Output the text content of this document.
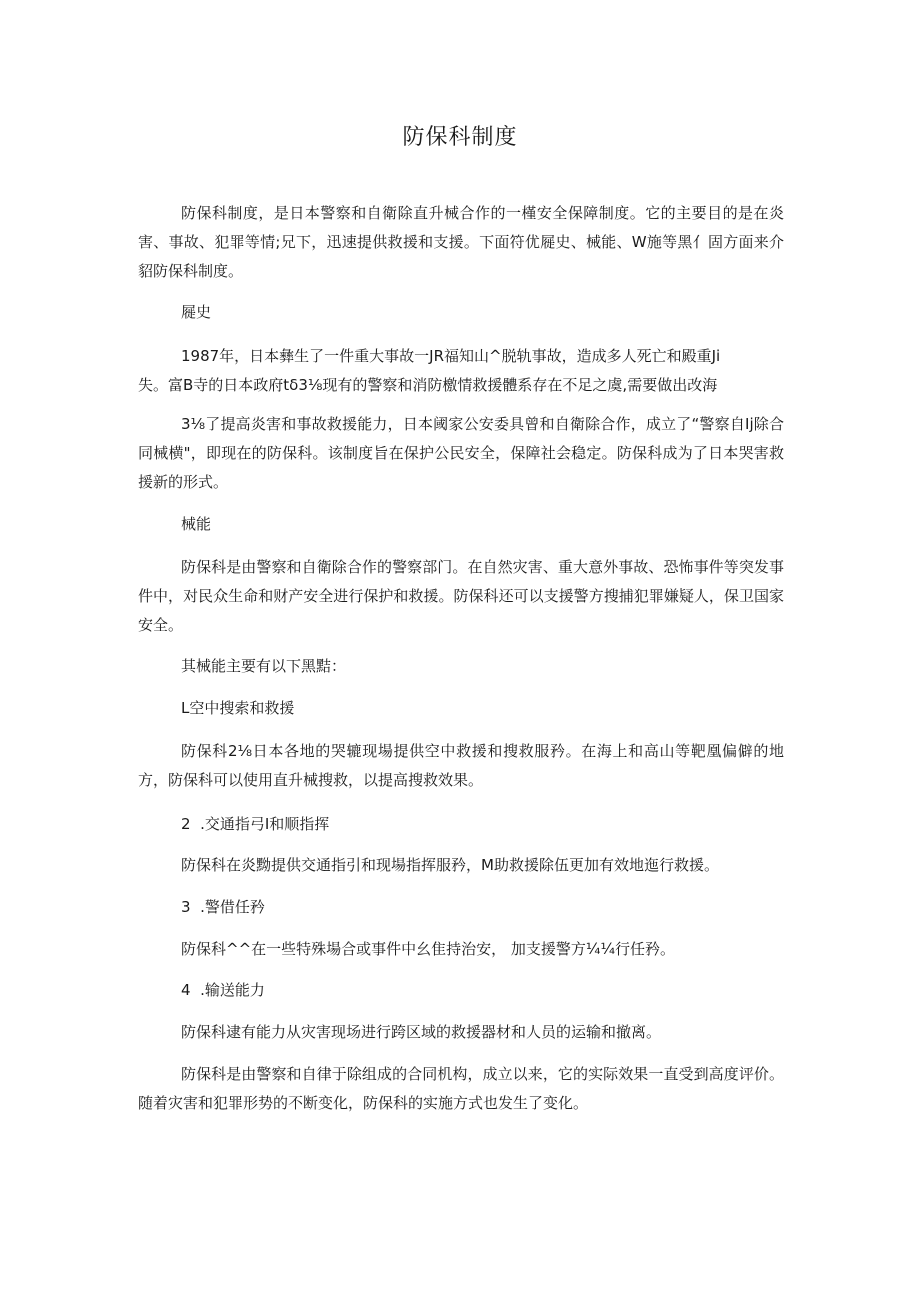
防保科制度

防保科制度，是日本警察和自衛除直升械合作的一槿安全保障制度。它的主要目的是在炎害、事故、犯罪等情;兄下，迅速提供救援和支援。下面符优屣史、械能、W施等黑亻固方面来介貂防保科制度。

屣史
1987年，日本彝生了一件重大事故一JR福知山^脱轨事故，造成多人死亡和殿重Ji
失。富B寺的日本政府tδ3⅛现有的警察和消防檄情救援體系存在不足之虞,需要做出改海

3⅛了提高炎害和事故救援能力，日本阈家公安委具曾和自衛除合作，成立了“警察自Ij除合同械横"，即现在的防保科。该制度旨在保护公民安全，保障社会稳定。防保科成为了日本哭害救援新的形式。

械能

防保科是由警察和自衛除合作的警察部门。在自然灾害、重大意外事故、恐怖事件等突发事件中，对民众生命和财产安全进行保护和救援。防保科还可以支援警方搜捕犯罪嫌疑人，保卫国家安全。

其械能主要有以下黑黠：
L空中搜索和救援

防保科2⅛日本各地的哭辘现場提供空中救援和搜救服矜。在海上和高山等靶凰偏僻的地方，防保科可以使用直升械搜救，以提高搜救效果。

2	.交通指弓I和顺指挥

防保科在炎黝提供交通指引和现場指挥服矜，M助救援除伍更加有效地迤行救援。

3	.警借任矜

防保科^^在一些特殊場合或事件中幺隹持治安， 加支援警方¼¼行任矜。

4	.输送能力

防保科逮有能力从灾害现场进行跨区域的救援器材和人员的运输和撤离。

防保科是由警察和自律于除组成的合同机构，成立以来，它的实际效果一直受到高度评价。随着灾害和犯罪形势的不断变化，防保科的实施方式也发生了变化。
